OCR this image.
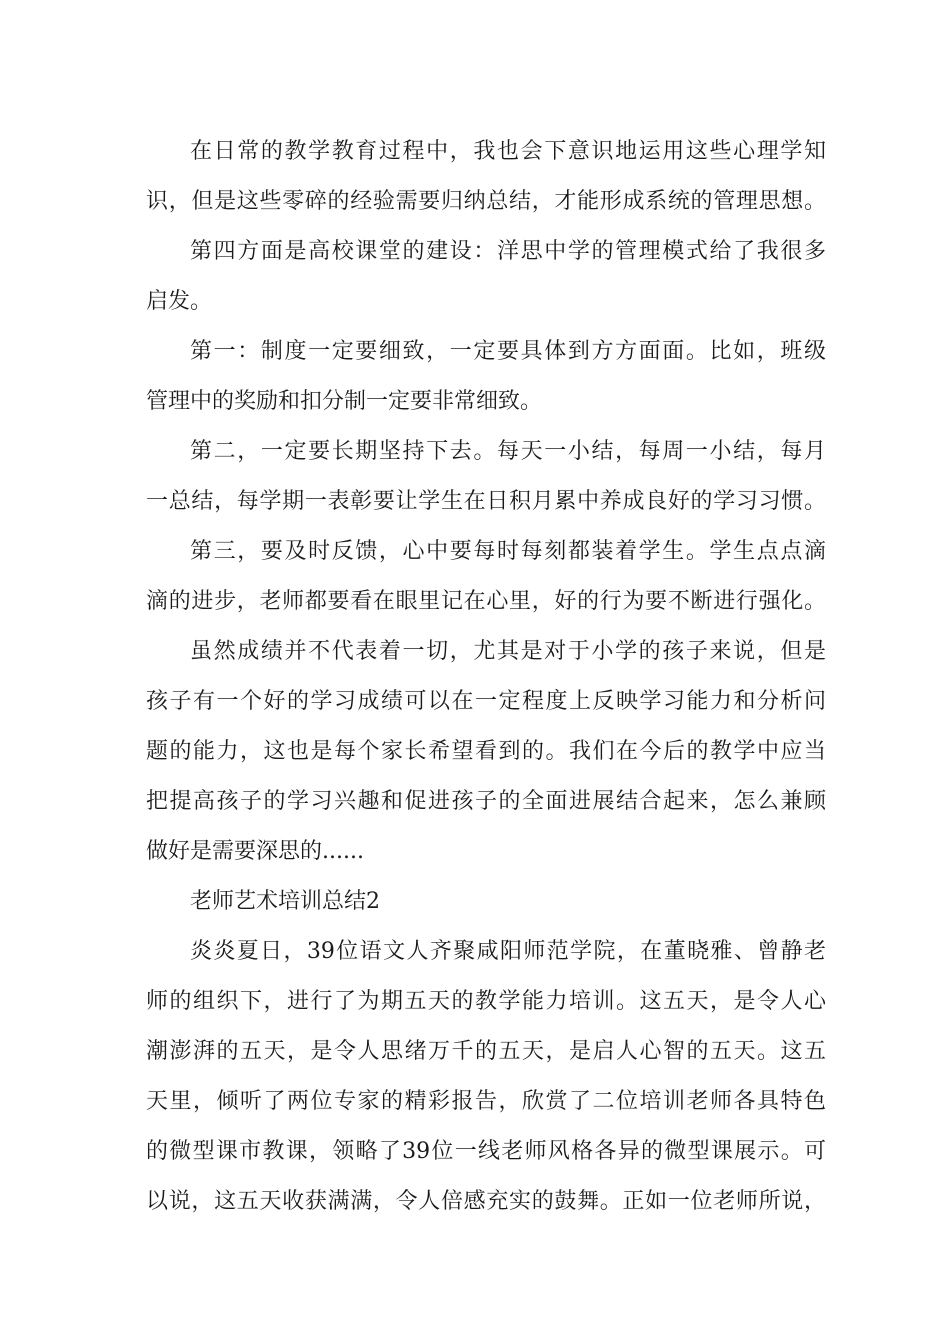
在日常的教学教育过程中，我也会下意识地运用这些心理学知
识，但是这些零碎的经验需要归纳总结，才能形成系统的管理思想。
第四方面是高校课堂的建设：洋思中学的管理模式给了我很多
启发。
第一：制度一定要细致，一定要具体到方方面面。比如，班级
管理中的奖励和扣分制一定要非常细致。
第二，一定要长期坚持下去。每天一小结，每周一小结，每月
一总结，每学期一表彰要让学生在日积月累中养成良好的学习习惯。
第三，要及时反馈，心中要每时每刻都装着学生。学生点点滴
滴的进步，老师都要看在眼里记在心里，好的行为要不断进行强化。
虽然成绩并不代表着一切，尤其是对于小学的孩子来说，但是
孩子有一个好的学习成绩可以在一定程度上反映学习能力和分析问
题的能力，这也是每个家长希望看到的。我们在今后的教学中应当
把提高孩子的学习兴趣和促进孩子的全面进展结合起来，怎么兼顾
做好是需要深思的......
老师艺术培训总结2
炎炎夏日，39位语文人齐聚咸阳师范学院，在董晓雅、曾静老
师的组织下，进行了为期五天的教学能力培训。这五天，是令人心
潮澎湃的五天，是令人思绪万千的五天，是启人心智的五天。这五
天里，倾听了两位专家的精彩报告，欣赏了二位培训老师各具特色
的微型课市教课，领略了39位一线老师风格各异的微型课展示。可
以说，这五天收获满满，令人倍感充实的鼓舞。正如一位老师所说，
